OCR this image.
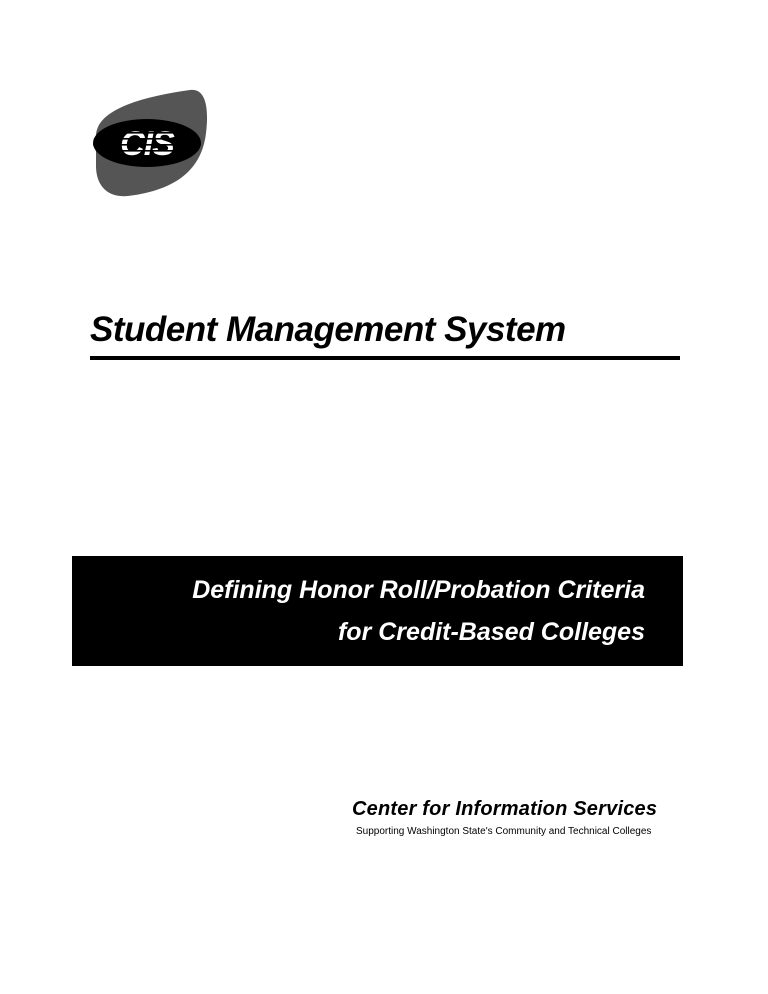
Student Management System
Defining Honor Roll/Probation Criteria
for Credit-Based Colleges
Center for Information Services
Supporting Washington State's Community and Technical Colleges
